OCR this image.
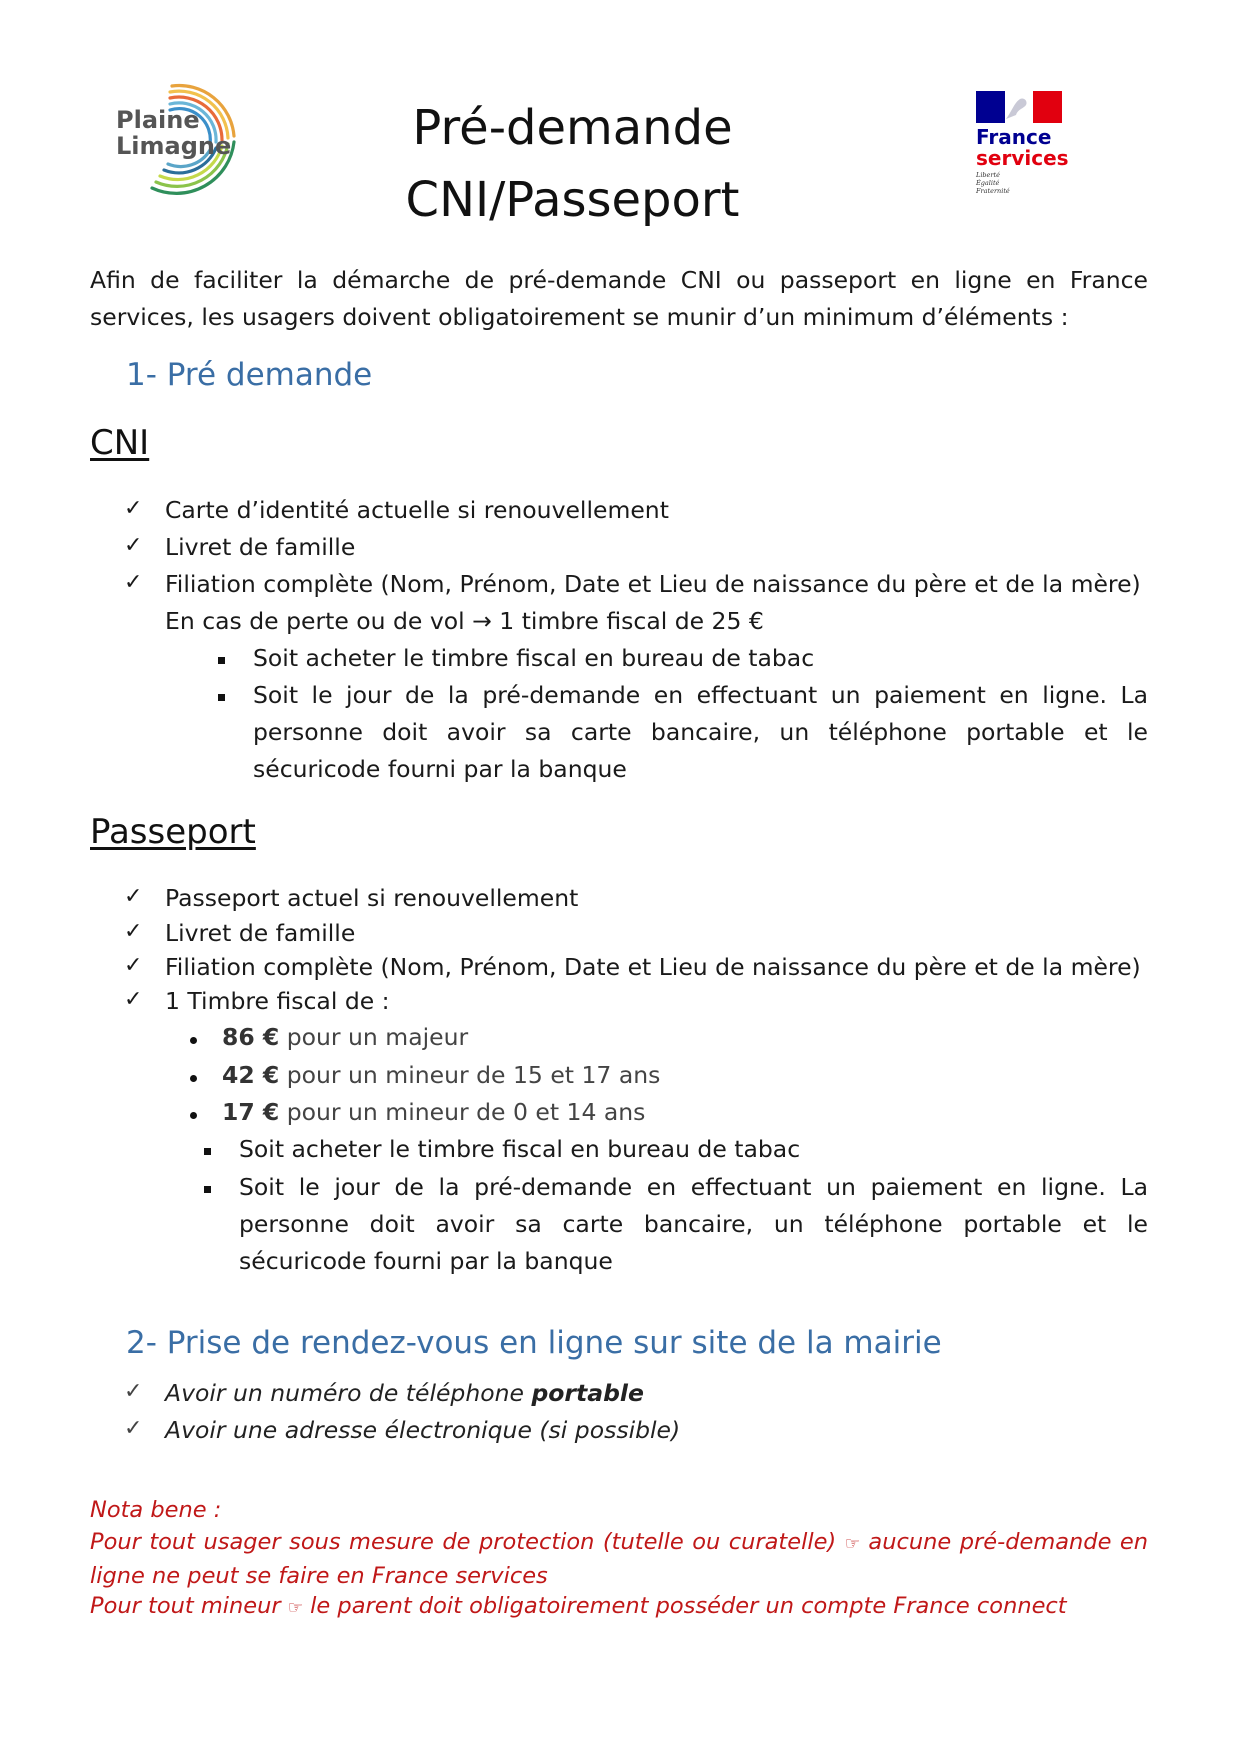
Plaine
Limagne	Pré-demande
CNI/Passeport
France
services
Liberté Égalité Fraternité
Afin de faciliter la démarche de pré-demande CNI ou passeport en ligne en France services, les usagers doivent obligatoirement se munir d’un minimum d’éléments :
1- Pré demande
CNI
✓ Carte d’identité actuelle si renouvellement
✓ Livret de famille
✓ Filiation complète (Nom, Prénom, Date et Lieu de naissance du père et de la mère)
En cas de perte ou de vol → 1 timbre fiscal de 25 €
Soit acheter le timbre fiscal en bureau de tabac
Soit le jour de la pré-demande en effectuant un paiement en ligne. La personne doit avoir sa carte bancaire, un téléphone portable et le sécuricode fourni par la banque
Passeport
✓ Passeport actuel si renouvellement
✓ Livret de famille
✓ Filiation complète (Nom, Prénom, Date et Lieu de naissance du père et de la mère)
✓ 1 Timbre fiscal de :
86 € pour un majeur
42 € pour un mineur de 15 et 17 ans
17 € pour un mineur de 0 et 14 ans
Soit acheter le timbre fiscal en bureau de tabac
Soit le jour de la pré-demande en effectuant un paiement en ligne. La personne doit avoir sa carte bancaire, un téléphone portable et le sécuricode fourni par la banque
2- Prise de rendez-vous en ligne sur site de la mairie
✓ Avoir un numéro de téléphone portable
✓ Avoir une adresse électronique (si possible)
Nota bene :
Pour tout usager sous mesure de protection (tutelle ou curatelle) ☞ aucune pré-demande en ligne ne peut se faire en France services
Pour tout mineur ☞ le parent doit obligatoirement posséder un compte France connect
